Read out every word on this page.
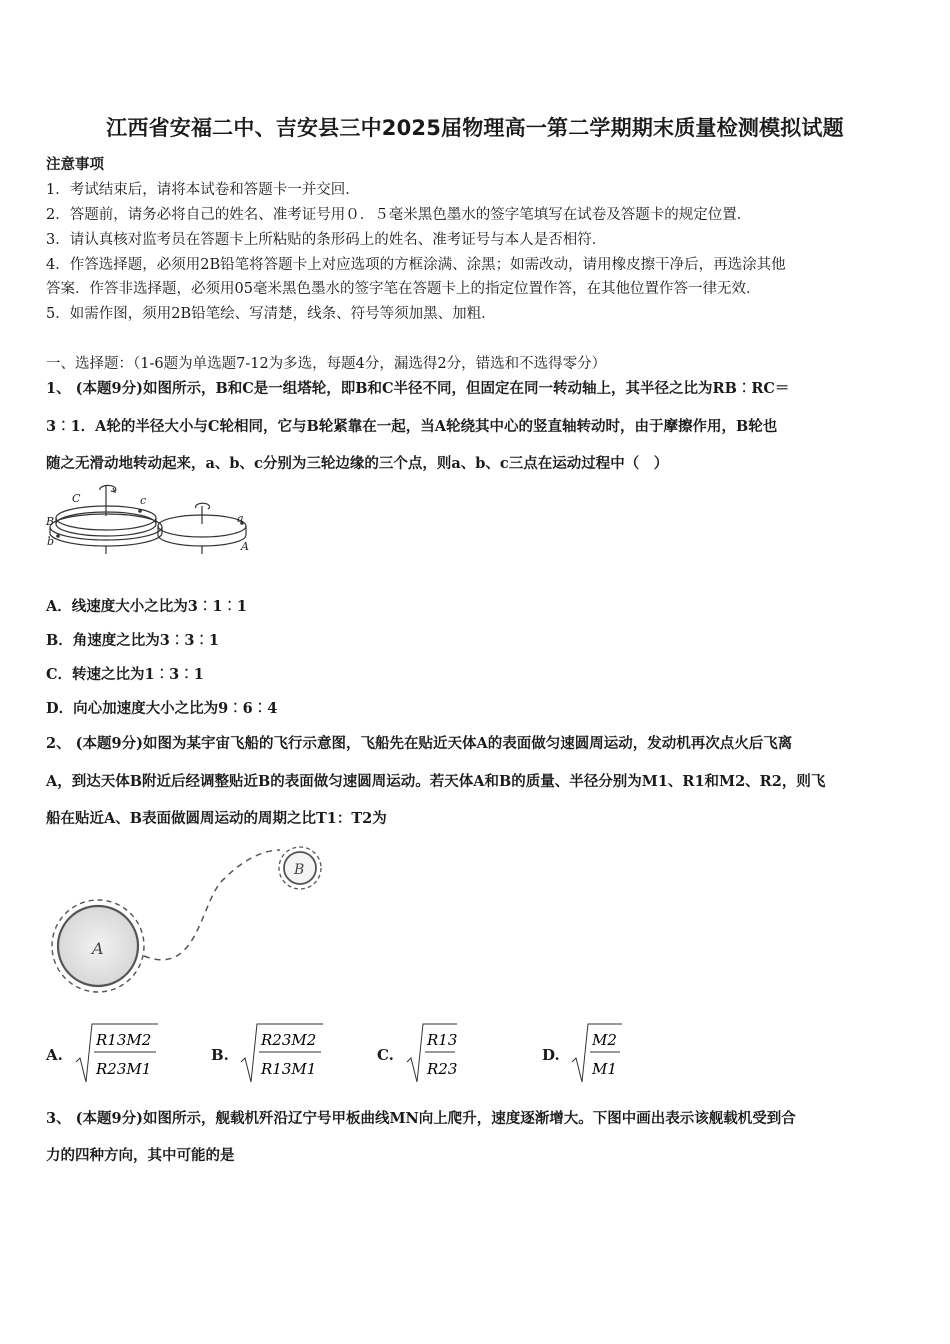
江西省安福二中、吉安县三中2025届物理高一第二学期期末质量检测模拟试题
注意事项
1．考试结束后，请将本试卷和答题卡一并交回．
2．答题前，请务必将自己的姓名、准考证号用０．５毫米黑色墨水的签字笔填写在试卷及答题卡的规定位置．
3．请认真核对监考员在答题卡上所粘贴的条形码上的姓名、准考证号与本人是否相符．
4．作答选择题，必须用2B铅笔将答题卡上对应选项的方框涂满、涂黑；如需改动，请用橡皮擦干净后，再选涂其他
答案．作答非选择题，必须用05毫米黑色墨水的签字笔在答题卡上的指定位置作答，在其他位置作答一律无效．
5．如需作图，须用2B铅笔绘、写清楚，线条、符号等须加黑、加粗．
一、选择题：（1-6题为单选题7-12为多选，每题4分，漏选得2分，错选和不选得零分）
1、 (本题9分)如图所示，B和C是一组塔轮，即B和C半径不同，但固定在同一转动轴上，其半径之比为RB︰RC＝
3︰1．A轮的半径大小与C轮相同，它与B轮紧靠在一起，当A轮绕其中心的竖直轴转动时，由于摩擦作用，B轮也
随之无滑动地转动起来，a、b、c分别为三轮边缘的三个点，则a、b、c三点在运动过程中（　）
C	c
B
b
a
A
A．线速度大小之比为3︰1︰1
B．角速度之比为3︰3︰1
C．转速之比为1︰3︰1
D．向心加速度大小之比为9︰6︰4
2、 (本题9分)如图为某宇宙飞船的飞行示意图，飞船先在贴近天体A的表面做匀速圆周运动，发动机再次点火后飞离
A，到达天体B附近后经调整贴近B的表面做匀速圆周运动。若天体A和B的质量、半径分别为M1、R1和M2、R2，则飞
船在贴近A、B表面做圆周运动的周期之比T1：T2为
A
B
A.
R13M2
R23M1
B.
R23M2
R13M1
C.
R13
R23
D.
M2
M1
3、 (本题9分)如图所示，舰载机歼沿辽宁号甲板曲线MN向上爬升，速度逐渐增大。下图中画出表示该舰载机受到合
力的四种方向，其中可能的是
